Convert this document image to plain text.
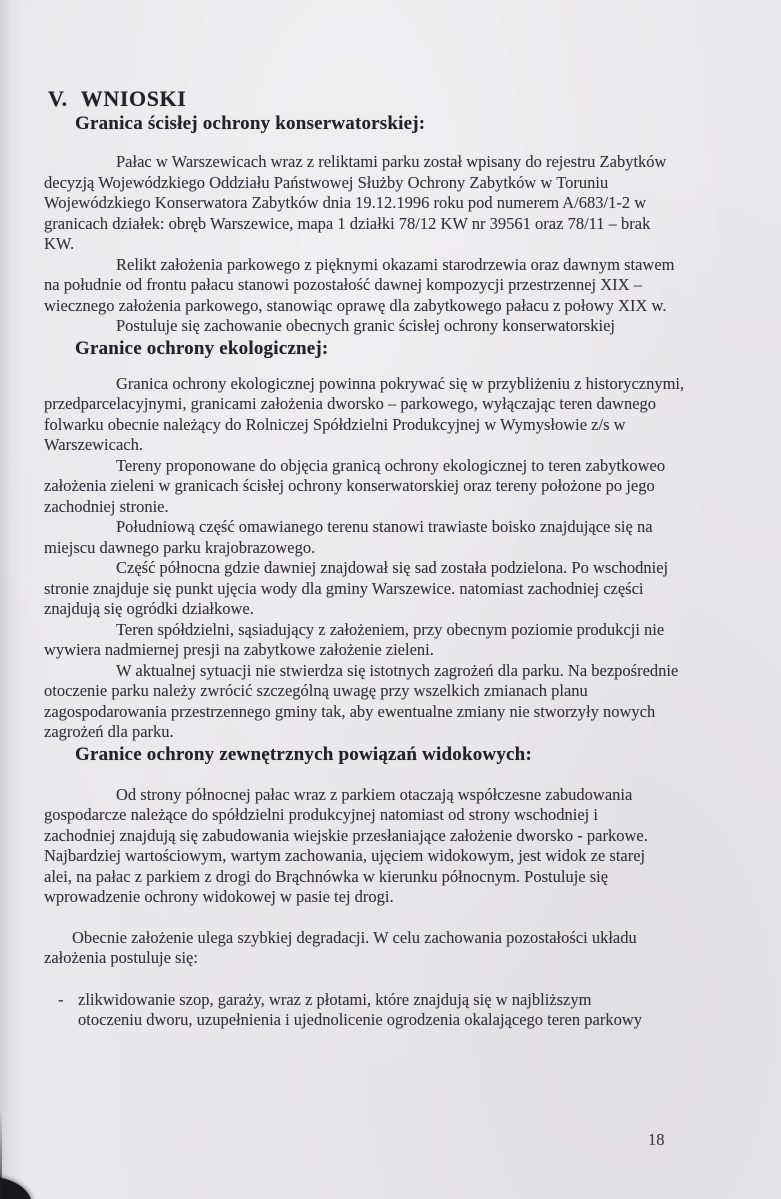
V. WNIOSKI
Granica ścisłej ochrony konserwatorskiej:
Pałac w Warszewicach wraz z reliktami parku został wpisany do rejestru Zabytków
decyzją Wojewódzkiego Oddziału Państwowej Służby Ochrony Zabytków w Toruniu
Wojewódzkiego Konserwatora Zabytków dnia 19.12.1996 roku pod numerem A/683/1-2 w
granicach działek: obręb Warszewice, mapa 1 działki 78/12 KW nr 39561 oraz 78/11 – brak
KW.
Relikt założenia parkowego z pięknymi okazami starodrzewia oraz dawnym stawem
na południe od frontu pałacu stanowi pozostałość dawnej kompozycji przestrzennej XIX –
wiecznego założenia parkowego, stanowiąc oprawę dla zabytkowego pałacu z połowy XIX w.
Postuluje się zachowanie obecnych granic ścisłej ochrony konserwatorskiej
Granice ochrony ekologicznej:
Granica ochrony ekologicznej powinna pokrywać się w przybliżeniu z historycznymi,
przedparcelacyjnymi, granicami założenia dworsko – parkowego, wyłączając teren dawnego
folwarku obecnie należący do Rolniczej Spółdzielni Produkcyjnej w Wymysłowie z/s w
Warszewicach.
Tereny proponowane do objęcia granicą ochrony ekologicznej to teren zabytkoweo
założenia zieleni w granicach ścisłej ochrony konserwatorskiej oraz tereny położone po jego
zachodniej stronie.
Południową część omawianego terenu stanowi trawiaste boisko znajdujące się na
miejscu dawnego parku krajobrazowego.
Część północna gdzie dawniej znajdował się sad została podzielona. Po wschodniej
stronie znajduje się punkt ujęcia wody dla gminy Warszewice. natomiast zachodniej części
znajdują się ogródki działkowe.
Teren spółdzielni, sąsiadujący z założeniem, przy obecnym poziomie produkcji nie
wywiera nadmiernej presji na zabytkowe założenie zieleni.
W aktualnej sytuacji nie stwierdza się istotnych zagrożeń dla parku. Na bezpośrednie
otoczenie parku należy zwrócić szczególną uwagę przy wszelkich zmianach planu
zagospodarowania przestrzennego gminy tak, aby ewentualne zmiany nie stworzyły nowych
zagrożeń dla parku.
Granice ochrony zewnętrznych powiązań widokowych:
Od strony północnej pałac wraz z parkiem otaczają współczesne zabudowania
gospodarcze należące do spółdzielni produkcyjnej natomiast od strony wschodniej i
zachodniej znajdują się zabudowania wiejskie przesłaniające założenie dworsko - parkowe.
Najbardziej wartościowym, wartym zachowania, ujęciem widokowym, jest widok ze starej
alei, na pałac z parkiem z drogi do Brąchnówka w kierunku północnym. Postuluje się
wprowadzenie ochrony widokowej w pasie tej drogi.
Obecnie założenie ulega szybkiej degradacji. W celu zachowania pozostałości układu
założenia postuluje się:
- zlikwidowanie szop, garaży, wraz z płotami, które znajdują się w najbliższym
otoczeniu dworu, uzupełnienia i ujednolicenie ogrodzenia okalającego teren parkowy
18
